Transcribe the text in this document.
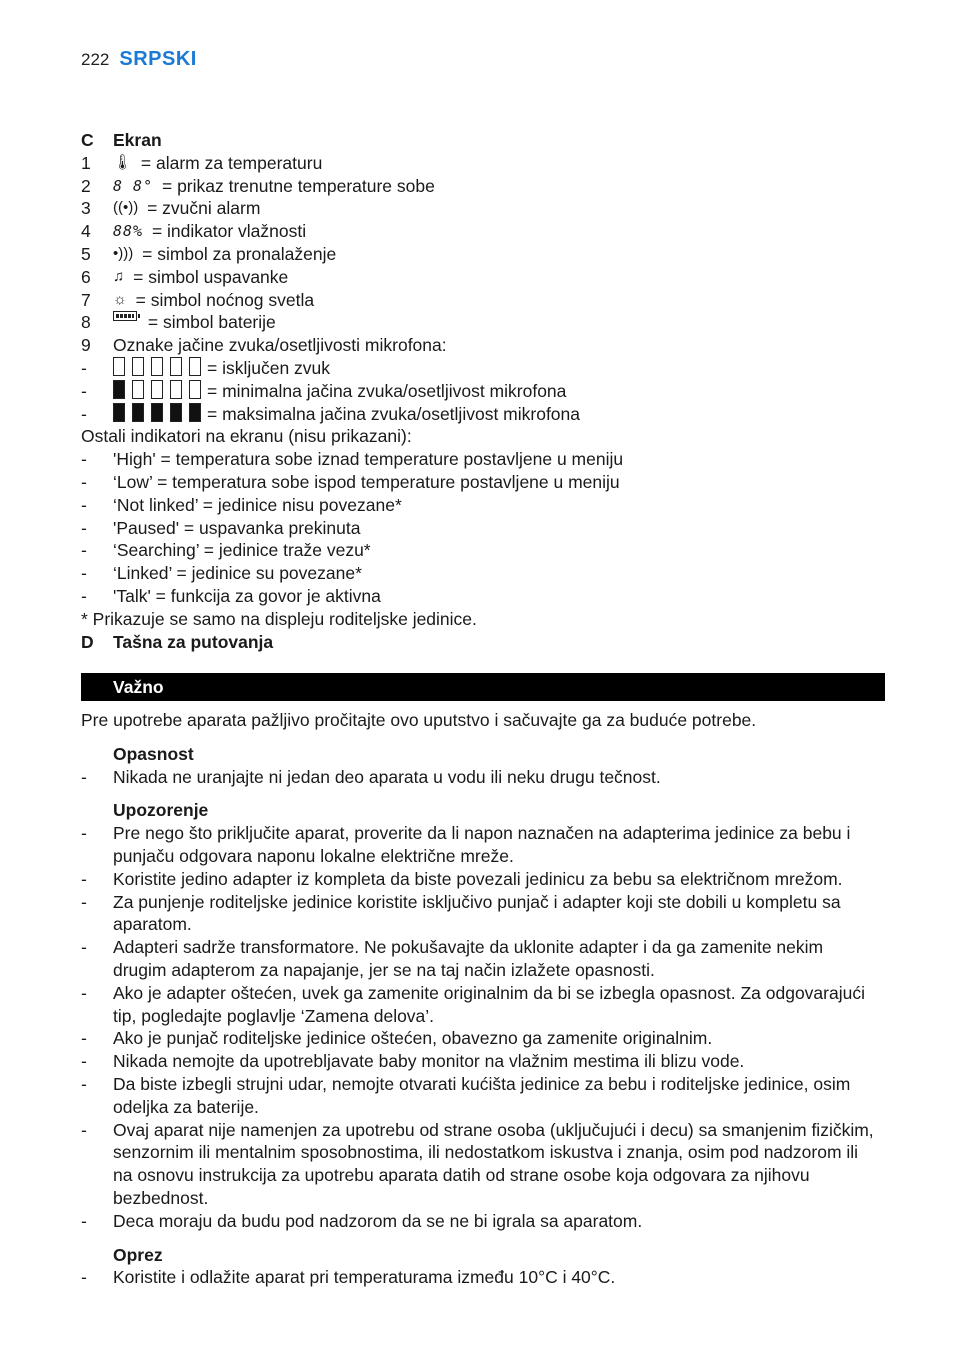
222 SRPSKI
C	Ekran
1	🌡 = alarm za temperaturu
2	8 8° = prikaz trenutne temperature sobe
3	((•)) = zvučni alarm
4	88% = indikator vlažnosti
5	•))) = simbol za pronalaženje
6	♫ = simbol uspavanke
7	☼ = simbol noćnog svetla
8	= simbol baterije
9	Oznake jačine zvuka/osetljivosti mikrofona:
-	= isključen zvuk
-	= minimalna jačina zvuka/osetljivost mikrofona
-	= maksimalna jačina zvuka/osetljivost mikrofona
Ostali indikatori na ekranu (nisu prikazani):
-	'High' = temperatura sobe iznad temperature postavljene u meniju
-	‘Low’ = temperatura sobe ispod temperature postavljene u meniju
-	‘Not linked’ = jedinice nisu povezane*
-	'Paused' = uspavanka prekinuta
-	‘Searching’ = jedinice traže vezu*
-	‘Linked’ = jedinice su povezane*
-	'Talk' = funkcija za govor je aktivna
* Prikazuje se samo na displeju roditeljske jedinice.
D	Tašna za putovanja
Važno
Pre upotrebe aparata pažljivo pročitajte ovo uputstvo i sačuvajte ga za buduće potrebe.
Opasnost
-	Nikada ne uranjajte ni jedan deo aparata u vodu ili neku drugu tečnost.
Upozorenje
-	Pre nego što priključite aparat, proverite da li napon naznačen na adapterima jedinice za bebu i punjaču odgovara naponu lokalne električne mreže.
-	Koristite jedino adapter iz kompleta da biste povezali jedinicu za bebu sa električnom mrežom.
-	Za punjenje roditeljske jedinice koristite isključivo punjač i adapter koji ste dobili u kompletu sa aparatom.
-	Adapteri sadrže transformatore. Ne pokušavajte da uklonite adapter i da ga zamenite nekim drugim adapterom za napajanje, jer se na taj način izlažete opasnosti.
-	Ako je adapter oštećen, uvek ga zamenite originalnim da bi se izbegla opasnost. Za odgovarajući tip, pogledajte poglavlje ‘Zamena delova’.
-	Ako je punjač roditeljske jedinice oštećen, obavezno ga zamenite originalnim.
-	Nikada nemojte da upotrebljavate baby monitor na vlažnim mestima ili blizu vode.
-	Da biste izbegli strujni udar, nemojte otvarati kućišta jedinice za bebu i roditeljske jedinice, osim odeljka za baterije.
-	Ovaj aparat nije namenjen za upotrebu od strane osoba (uključujući i decu) sa smanjenim fizičkim, senzornim ili mentalnim sposobnostima, ili nedostatkom iskustva i znanja, osim pod nadzorom ili na osnovu instrukcija za upotrebu aparata datih od strane osobe koja odgovara za njihovu bezbednost.
-	Deca moraju da budu pod nadzorom da se ne bi igrala sa aparatom.
Oprez
-	Koristite i odlažite aparat pri temperaturama između 10°C i 40°C.
